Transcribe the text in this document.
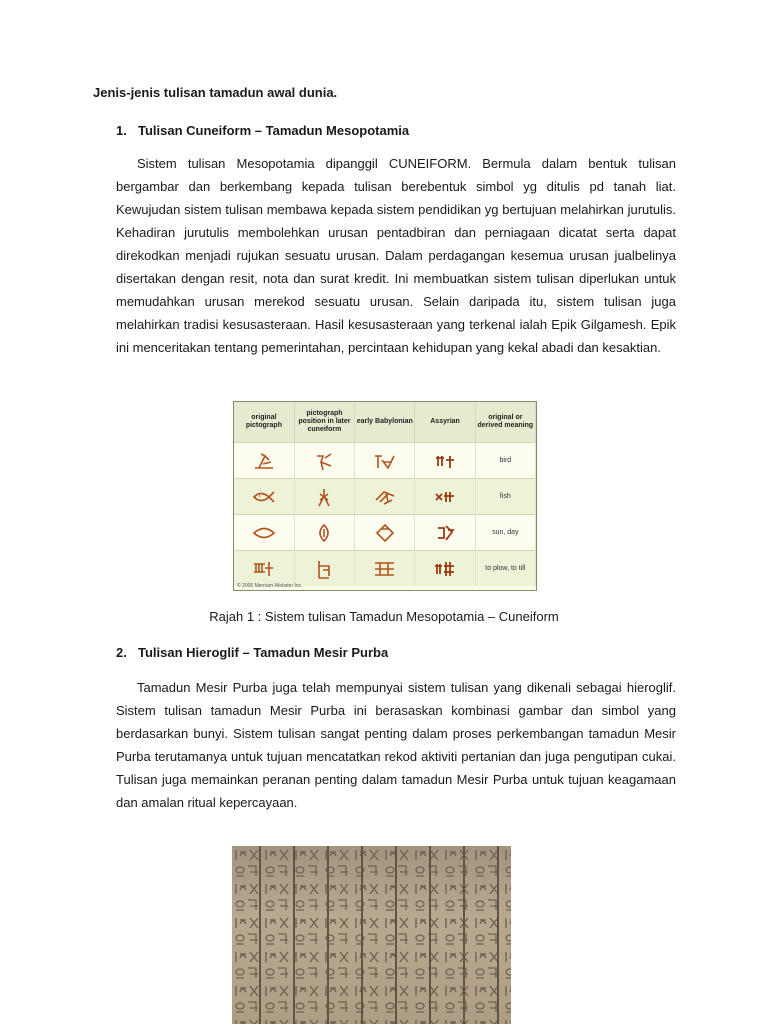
Jenis-jenis tulisan tamadun awal dunia.
1. Tulisan Cuneiform – Tamadun Mesopotamia

Sistem tulisan Mesopotamia dipanggil CUNEIFORM. Bermula dalam bentuk tulisan bergambar dan berkembang kepada tulisan berebentuk simbol yg ditulis pd tanah liat. Kewujudan sistem tulisan membawa kepada sistem pendidikan yg bertujuan melahirkan jurutulis. Kehadiran jurutulis membolehkan urusan pentadbiran dan perniagaan dicatat serta dapat direkodkan menjadi rujukan sesuatu urusan. Dalam perdagangan kesemua urusan jualbelinya disertakan dengan resit, nota dan surat kredit. Ini membuatkan sistem tulisan diperlukan untuk memudahkan urusan merekod sesuatu urusan. Selain daripada itu, sistem tulisan juga melahirkan tradisi kesusasteraan. Hasil kesusasteraan yang terkenal ialah Epik Gilgamesh. Epik ini menceritakan tentang pemerintahan, percintaan kehidupan yang kekal abadi dan kesaktian.

original pictograph	pictograph position in later cuneiform	early Babylonian	Assyrian	original or derived meaning

	bird

	fish

	sun, day

	to plow, to till
© 2006 Merriam-Webster Inc.
Rajah 1 : Sistem tulisan Tamadun Mesopotamia – Cuneiform
2. Tulisan Hieroglif – Tamadun Mesir Purba

Tamadun Mesir Purba juga telah mempunyai sistem tulisan yang dikenali sebagai hieroglif. Sistem tulisan tamadun Mesir Purba ini berasaskan kombinasi gambar dan simbol yang berdasarkan bunyi. Sistem tulisan sangat penting dalam proses perkembangan tamadun Mesir Purba terutamanya untuk tujuan mencatatkan rekod aktiviti pertanian dan juga pengutipan cukai. Tulisan juga memainkan peranan penting dalam tamadun Mesir Purba untuk tujuan keagamaan dan amalan ritual kepercayaan.
